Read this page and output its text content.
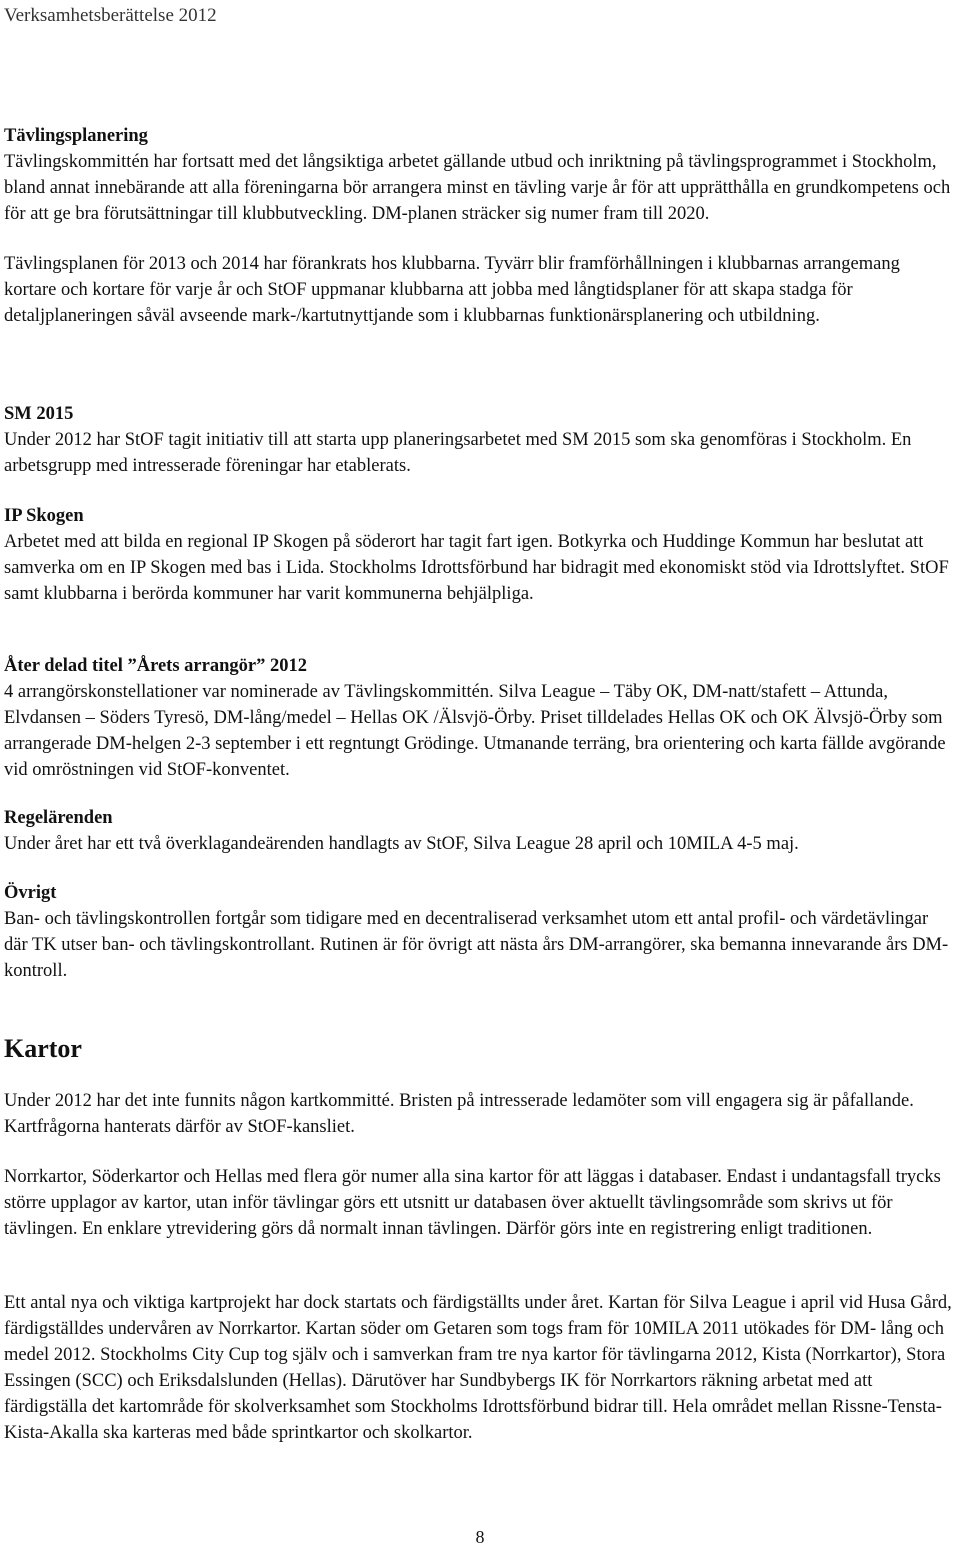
Verksamhetsberättelse 2012

Tävlingsplanering

Tävlingskommittén har fortsatt med det långsiktiga arbetet gällande utbud och inriktning på tävlingsprogrammet i Stockholm, bland annat innebärande att alla föreningarna bör arrangera minst en tävling varje år för att upprätthålla en grundkompetens och för att ge bra förutsättningar till klubbutveckling. DM-planen sträcker sig numer fram till 2020.

Tävlingsplanen för 2013 och 2014 har förankrats hos klubbarna. Tyvärr blir framförhållningen i klubbarnas arrangemang kortare och kortare för varje år och StOF uppmanar klubbarna att jobba med långtidsplaner för att skapa stadga för detaljplaneringen såväl avseende mark-/kartutnyttjande som i klubbarnas funktionärsplanering och utbildning.

SM 2015

Under 2012 har StOF tagit initiativ till att starta upp planeringsarbetet med SM 2015 som ska genomföras i Stockholm. En arbetsgrupp med intresserade föreningar har etablerats.

IP Skogen

Arbetet med att bilda en regional IP Skogen på söderort har tagit fart igen. Botkyrka och Huddinge Kommun har beslutat att samverka om en IP Skogen med bas i Lida. Stockholms Idrottsförbund har bidragit med ekonomiskt stöd via Idrottslyftet. StOF samt klubbarna i berörda kommuner har varit kommunerna behjälpliga.

Åter delad titel ”Årets arrangör” 2012

4 arrangörskonstellationer var nominerade av Tävlingskommittén. Silva League – Täby OK, DM-natt/stafett – Attunda, Elvdansen – Söders Tyresö, DM-lång/medel – Hellas OK /Älsvjö-Örby. Priset tilldelades Hellas OK och OK Älvsjö-Örby som arrangerade DM-helgen 2-3 september i ett regntungt Grödinge. Utmanande terräng, bra orientering och karta fällde avgörande vid omröstningen vid StOF-konventet.

Regelärenden

Under året har ett två överklagandeärenden handlagts av StOF, Silva League 28 april och 10MILA 4-5 maj.

Övrigt

Ban- och tävlingskontrollen fortgår som tidigare med en decentraliserad verksamhet utom ett antal profil- och värdetävlingar där TK utser ban- och tävlingskontrollant. Rutinen är för övrigt att nästa års DM-arrangörer, ska bemanna innevarande års DM-kontroll.

Kartor

Under 2012 har det inte funnits någon kartkommitté. Bristen på intresserade ledamöter som vill engagera sig är påfallande. Kartfrågorna hanterats därför av StOF-kansliet.

Norrkartor, Söderkartor och Hellas med flera gör numer alla sina kartor för att läggas i databaser. Endast i undantagsfall trycks större upplagor av kartor, utan inför tävlingar görs ett utsnitt ur databasen över aktuellt tävlingsområde som skrivs ut för tävlingen. En enklare ytrevidering görs då normalt innan tävlingen. Därför görs inte en registrering enligt traditionen.

Ett antal nya och viktiga kartprojekt har dock startats och färdigställts under året. Kartan för Silva League i april vid Husa Gård, färdigställdes undervåren av Norrkartor. Kartan söder om Getaren som togs fram för 10MILA 2011 utökades för DM- lång och medel 2012. Stockholms City Cup tog själv och i samverkan fram tre nya kartor för tävlingarna 2012, Kista (Norrkartor), Stora Essingen (SCC) och Eriksdalslunden (Hellas). Därutöver har Sundbybergs IK för Norrkartors räkning arbetat med att färdigställa det kartområde för skolverksamhet som Stockholms Idrottsförbund bidrar till. Hela området mellan Rissne-Tensta-Kista-Akalla ska karteras med både sprintkartor och skolkartor.

8
